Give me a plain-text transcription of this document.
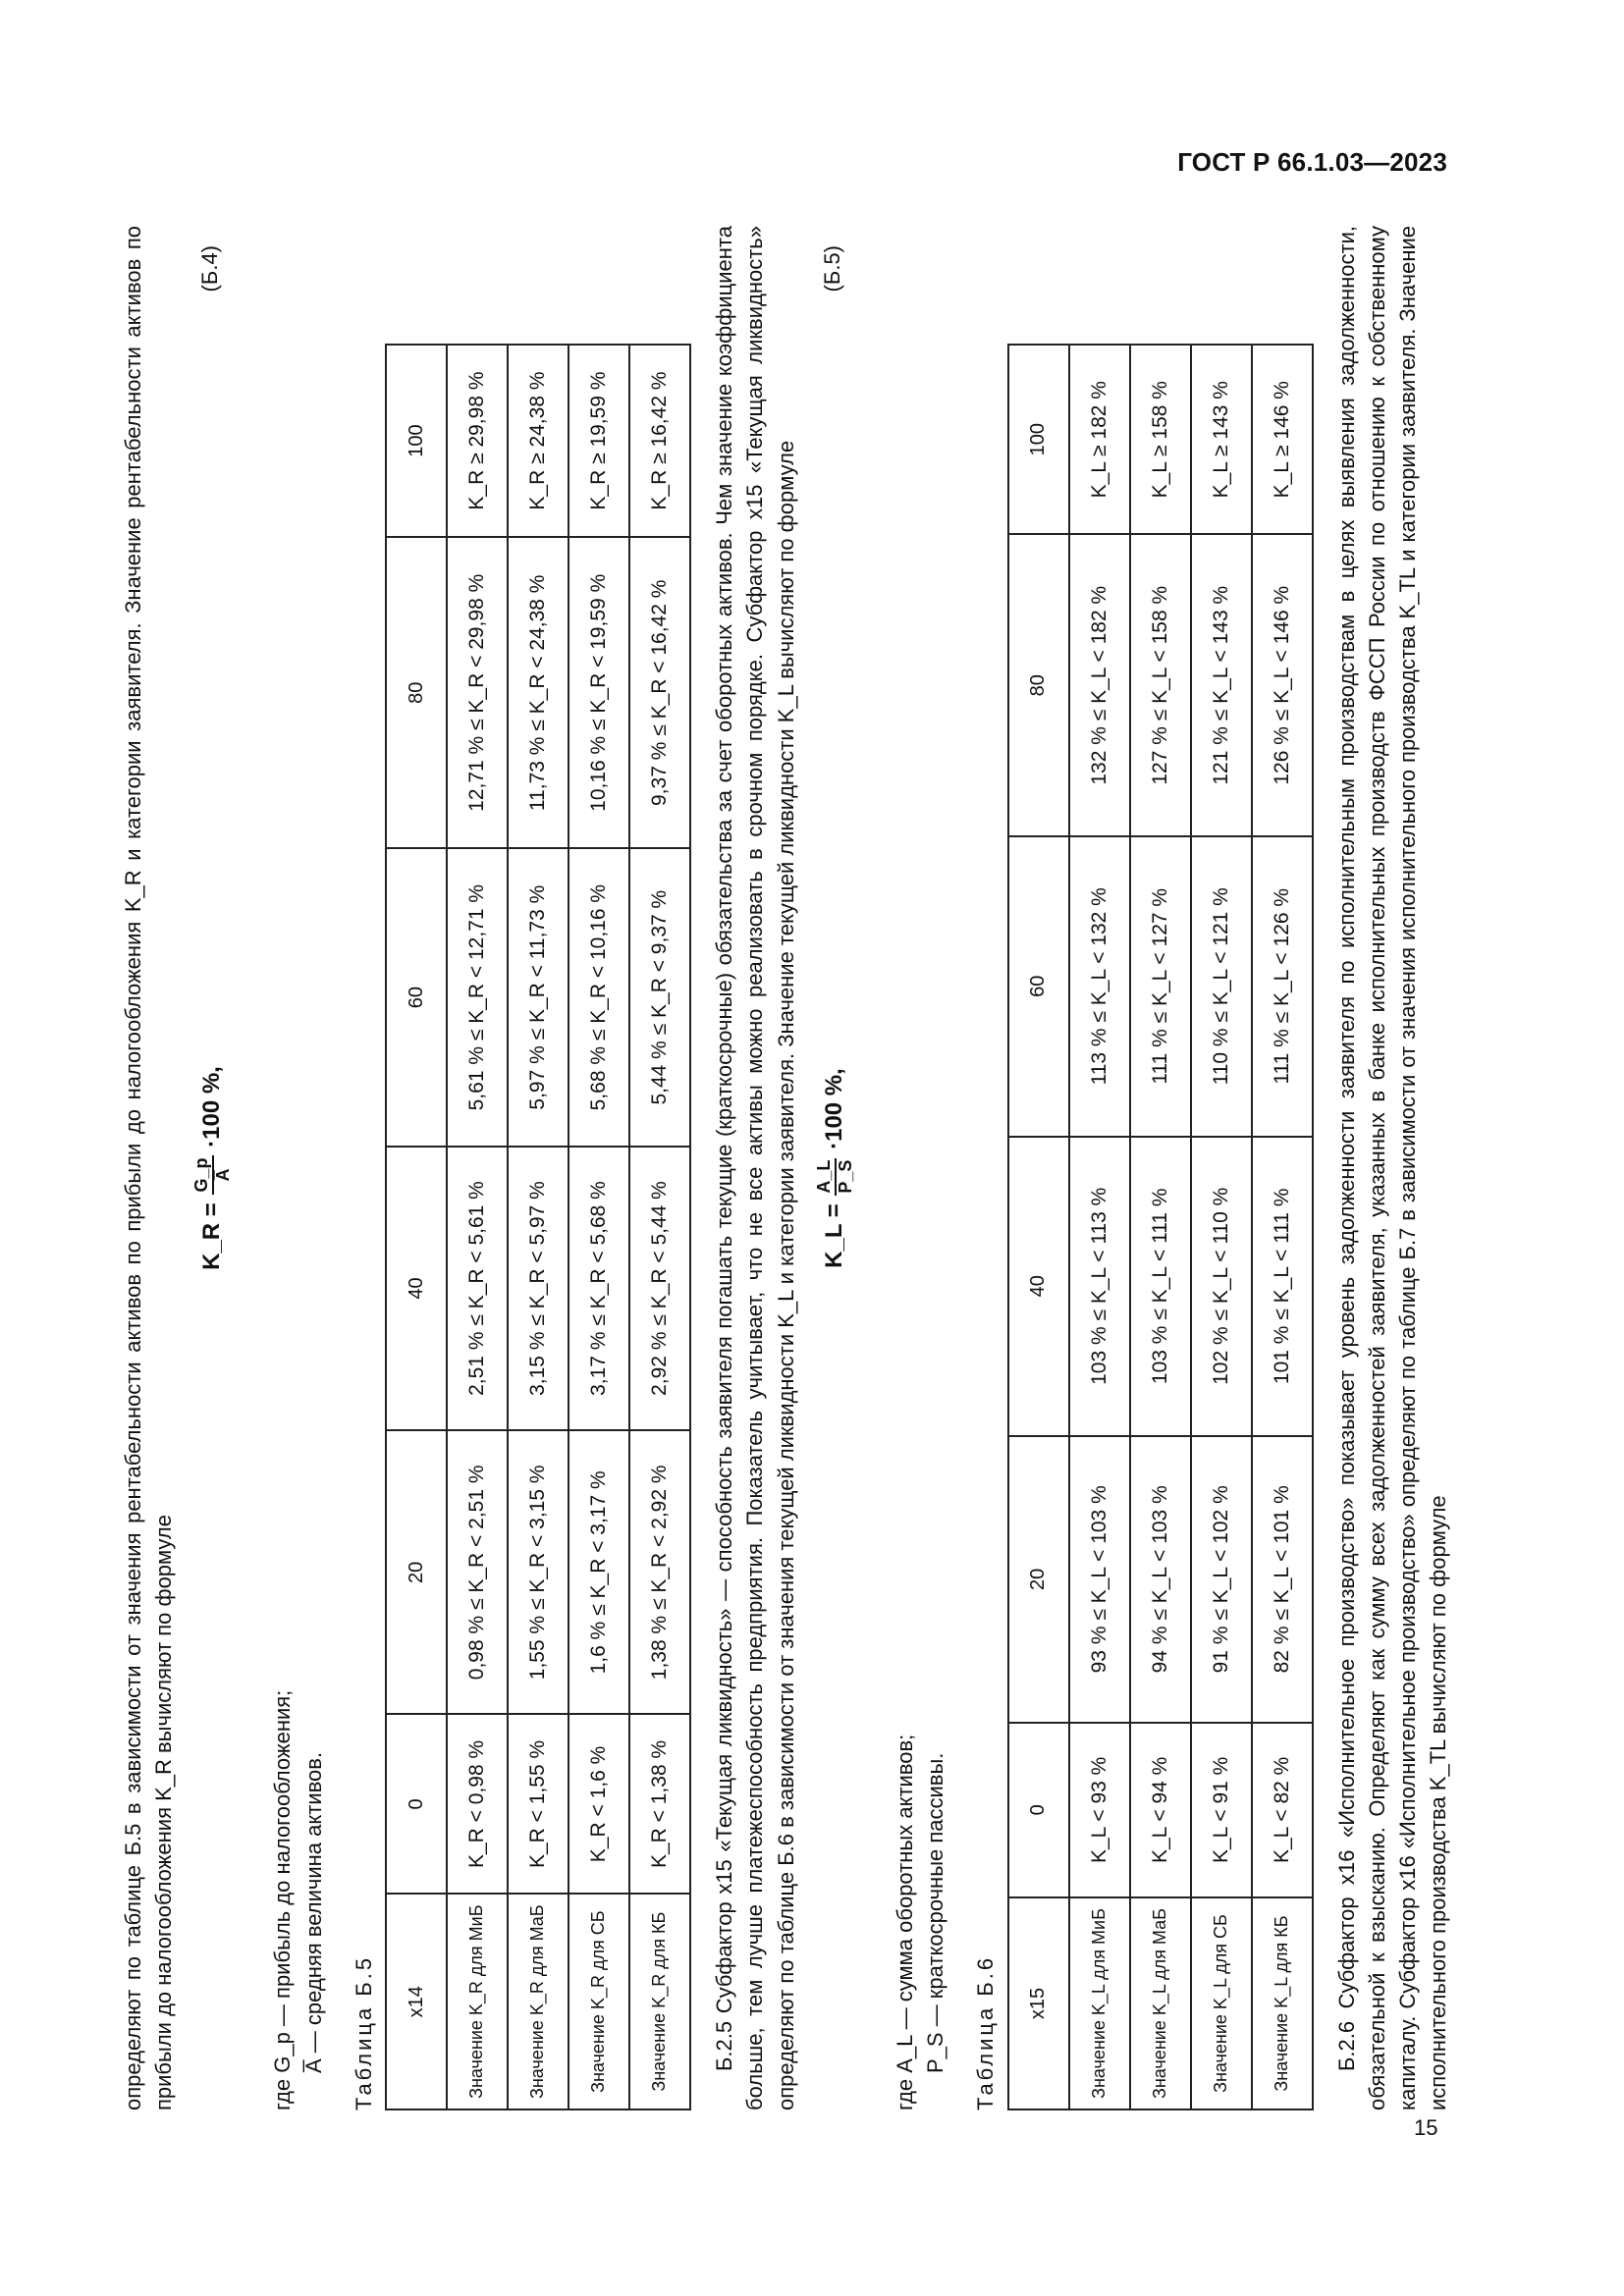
ГОСТ Р 66.1.03—2023
15

определяют по таблице Б.5 в зависимости от значения рентабельности активов по прибыли до налогообложения K_R и категории заявителя. Значение рентабельности активов по прибыли до налогообложения K_R вычисляют по формуле

K_R =
G_p A̅
·100 %,
(Б.4)
где G_p — прибыль до налогообложения; A̅ — средняя величина активов. Таблица Б.5 x14	0	20	40	60	80	100
Значение K_R для МиБ	K_R < 0,98 %	0,98 % ≤ K_R < 2,51 %	2,51 % ≤ K_R < 5,61 %	5,61 % ≤ K_R < 12,71 %	12,71 % ≤ K_R < 29,98 %	K_R ≥ 29,98 %
Значение K_R для МаБ	K_R < 1,55 %	1,55 % ≤ K_R < 3,15 %	3,15 % ≤ K_R < 5,97 %	5,97 % ≤ K_R < 11,73 %	11,73 % ≤ K_R < 24,38 %	K_R ≥ 24,38 %
Значение K_R для СБ	K_R < 1,6 %	1,6 % ≤ K_R < 3,17 %	3,17 % ≤ K_R < 5,68 %	5,68 % ≤ K_R < 10,16 %	10,16 % ≤ K_R < 19,59 %	K_R ≥ 19,59 %
Значение K_R для КБ	K_R < 1,38 %	1,38 % ≤ K_R < 2,92 %	2,92 % ≤ K_R < 5,44 %	5,44 % ≤ K_R < 9,37 %	9,37 % ≤ K_R < 16,42 %	K_R ≥ 16,42 % Б.2.5 Субфактор x15 «Текущая ликвидность» — способность заявителя погашать текущие (краткосрочные) обязательства за счет оборотных активов. Чем значение коэффициента больше, тем лучше платежеспособность предприятия. Показатель учитывает, что не все активы можно реализовать в срочном порядке. Субфактор x15 «Текущая ликвидность» определяют по таблице Б.6 в зависимости от значения текущей ликвидности K_L и категории заявителя. Значение текущей ликвидности K_L вычисляют по формуле K_L =
A_L P_S
·100 %,
(Б.5)
где A_L — сумма оборотных активов; P_S — краткосрочные пассивы. Таблица Б.6 x15	0	20	40	60	80	100
Значение K_L для МиБ	K_L < 93 %	93 % ≤ K_L < 103 %	103 % ≤ K_L < 113 %	113 % ≤ K_L < 132 %	132 % ≤ K_L < 182 %	K_L ≥ 182 %
Значение K_L для МаБ	K_L < 94 %	94 % ≤ K_L < 103 %	103 % ≤ K_L < 111 %	111 % ≤ K_L < 127 %	127 % ≤ K_L < 158 %	K_L ≥ 158 %
Значение K_L для СБ	K_L < 91 %	91 % ≤ K_L < 102 %	102 % ≤ K_L < 110 %	110 % ≤ K_L < 121 %	121 % ≤ K_L < 143 %	K_L ≥ 143 %
Значение K_L для КБ	K_L < 82 %	82 % ≤ K_L < 101 %	101 % ≤ K_L < 111 %	111 % ≤ K_L < 126 %	126 % ≤ K_L < 146 %	K_L ≥ 146 % Б.2.6 Субфактор x16 «Исполнительное производство» показывает уровень задолженности заявителя по исполнительным производствам в целях выявления задолженности, обязательной к взысканию. Определяют как сумму всех задолженностей заявителя, указанных в банке исполнительных производств ФССП России по отношению к собственному капиталу. Субфактор x16 «Исполнительное производство» определяют по таблице Б.7 в зависимости от значения исполнительного производства K_TL и категории заявителя. Значение исполнительного производства K_TL вычисляют по формуле
